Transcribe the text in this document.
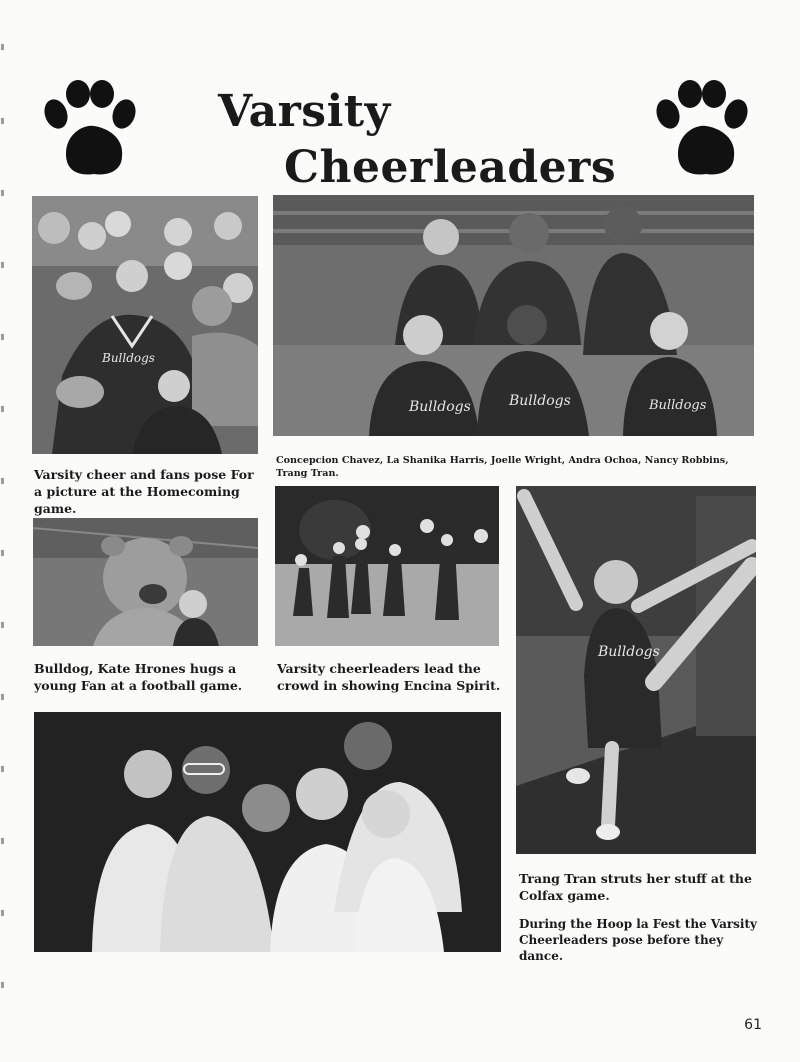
Varsity
Cheerleaders
Bulldogs
Bulldogs	Bulldogs	Bulldogs
Concepcion Chavez, La Shanika Harris, Joelle Wright, Andra Ochoa, Nancy Robbins, Trang Tran.
Varsity cheer and fans pose For a picture at the Homecoming game.
Bulldog, Kate Hrones hugs a young Fan at a football game.
Varsity cheerleaders lead the crowd in showing Encina Spirit.
Bulldogs
Trang Tran struts her stuff at the Colfax game.
During the Hoop la Fest the Varsity Cheerleaders pose before they dance.
61
